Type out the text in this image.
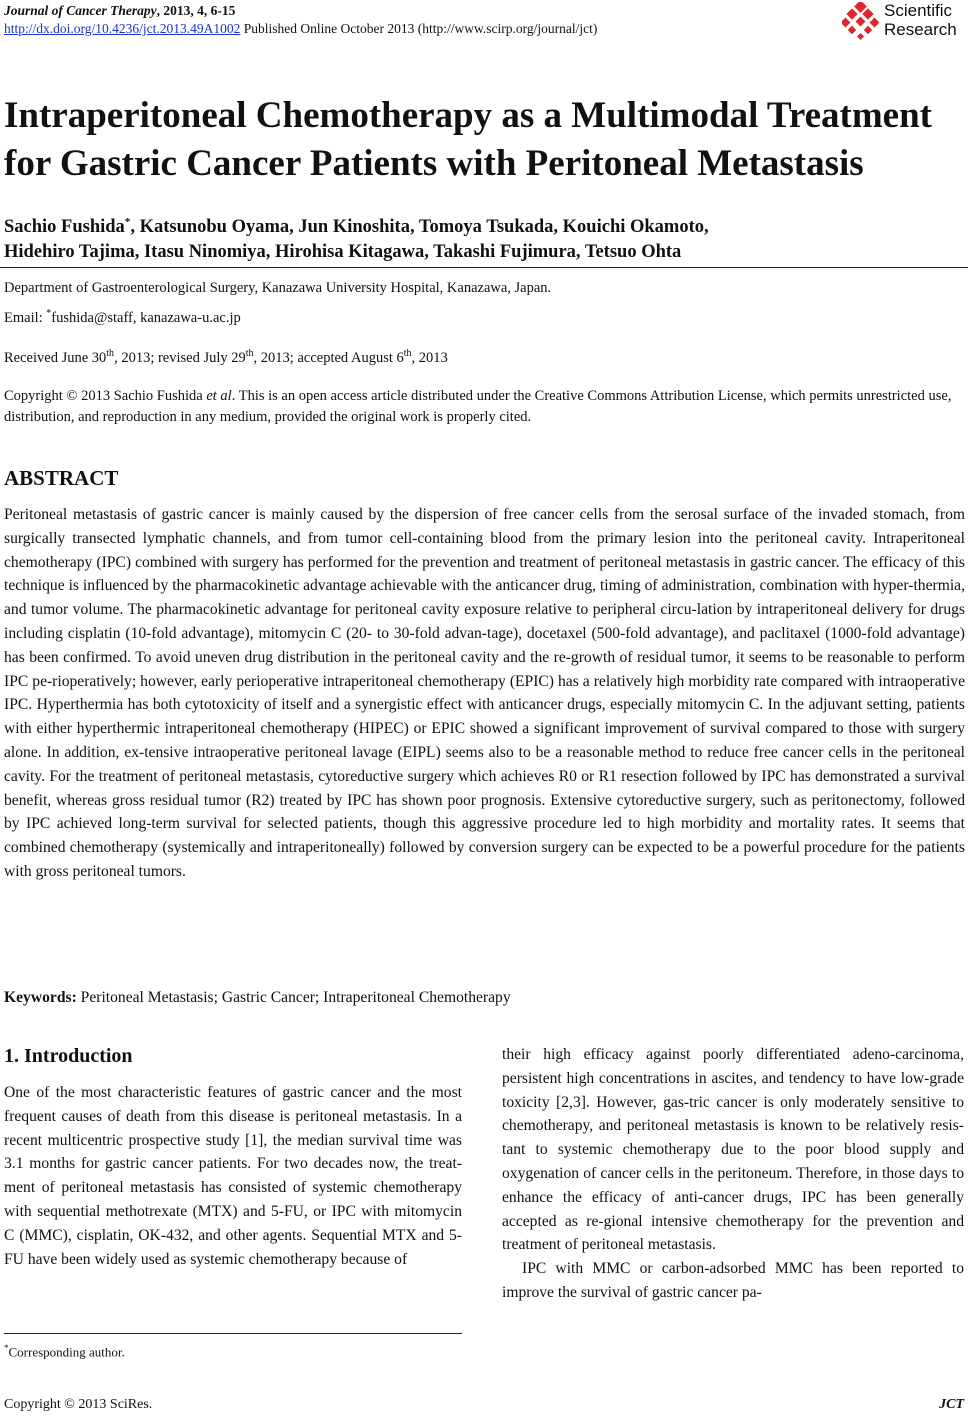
Journal of Cancer Therapy, 2013, 4, 6-15
http://dx.doi.org/10.4236/jct.2013.49A1002 Published Online October 2013 (http://www.scirp.org/journal/jct)
Scientific
Research
Intraperitoneal Chemotherapy as a Multimodal Treatment for Gastric Cancer Patients with Peritoneal Metastasis
Sachio Fushida*, Katsunobu Oyama, Jun Kinoshita, Tomoya Tsukada, Kouichi Okamoto,
Hidehiro Tajima, Itasu Ninomiya, Hirohisa Kitagawa, Takashi Fujimura, Tetsuo Ohta
Department of Gastroenterological Surgery, Kanazawa University Hospital, Kanazawa, Japan.
Email: *fushida@staff, kanazawa-u.ac.jp
Received June 30th, 2013; revised July 29th, 2013; accepted August 6th, 2013
Copyright © 2013 Sachio Fushida et al. This is an open access article distributed under the Creative Commons Attribution License, which permits unrestricted use, distribution, and reproduction in any medium, provided the original work is properly cited.
ABSTRACT
Peritoneal metastasis of gastric cancer is mainly caused by the dispersion of free cancer cells from the serosal surface of the invaded stomach, from surgically transected lymphatic channels, and from tumor cell-containing blood from the primary lesion into the peritoneal cavity. Intraperitoneal chemotherapy (IPC) combined with surgery has performed for the prevention and treatment of peritoneal metastasis in gastric cancer. The efficacy of this technique is influenced by the pharmacokinetic advantage achievable with the anticancer drug, timing of administration, combination with hyper-thermia, and tumor volume. The pharmacokinetic advantage for peritoneal cavity exposure relative to peripheral circu-lation by intraperitoneal delivery for drugs including cisplatin (10-fold advantage), mitomycin C (20- to 30-fold advan-tage), docetaxel (500-fold advantage), and paclitaxel (1000-fold advantage) has been confirmed. To avoid uneven drug distribution in the peritoneal cavity and the re-growth of residual tumor, it seems to be reasonable to perform IPC pe-rioperatively; however, early perioperative intraperitoneal chemotherapy (EPIC) has a relatively high morbidity rate compared with intraoperative IPC. Hyperthermia has both cytotoxicity of itself and a synergistic effect with anticancer drugs, especially mitomycin C. In the adjuvant setting, patients with either hyperthermic intraperitoneal chemotherapy (HIPEC) or EPIC showed a significant improvement of survival compared to those with surgery alone. In addition, ex-tensive intraoperative peritoneal lavage (EIPL) seems also to be a reasonable method to reduce free cancer cells in the peritoneal cavity. For the treatment of peritoneal metastasis, cytoreductive surgery which achieves R0 or R1 resection followed by IPC has demonstrated a survival benefit, whereas gross residual tumor (R2) treated by IPC has shown poor prognosis. Extensive cytoreductive surgery, such as peritonectomy, followed by IPC achieved long-term survival for selected patients, though this aggressive procedure led to high morbidity and mortality rates. It seems that combined chemotherapy (systemically and intraperitoneally) followed by conversion surgery can be expected to be a powerful procedure for the patients with gross peritoneal tumors.
Keywords: Peritoneal Metastasis; Gastric Cancer; Intraperitoneal Chemotherapy
1. Introduction

One of the most characteristic features of gastric cancer and the most frequent causes of death from this disease is peritoneal metastasis. In a recent multicentric prospective study [1], the median survival time was 3.1 months for gastric cancer patients. For two decades now, the treat-ment of peritoneal metastasis has consisted of systemic chemotherapy with sequential methotrexate (MTX) and 5-FU, or IPC with mitomycin C (MMC), cisplatin, OK-432, and other agents. Sequential MTX and 5-FU have been widely used as systemic chemotherapy because of

their high efficacy against poorly differentiated adeno-carcinoma, persistent high concentrations in ascites, and tendency to have low-grade toxicity [2,3]. However, gas-tric cancer is only moderately sensitive to chemotherapy, and peritoneal metastasis is known to be relatively resis-tant to systemic chemotherapy due to the poor blood supply and oxygenation of cancer cells in the peritoneum. Therefore, in those days to enhance the efficacy of anti-cancer drugs, IPC has been generally accepted as re-gional intensive chemotherapy for the prevention and treatment of peritoneal metastasis.

IPC with MMC or carbon-adsorbed MMC has been reported to improve the survival of gastric cancer pa-

*Corresponding author.
Copyright © 2013 SciRes.	JCT
